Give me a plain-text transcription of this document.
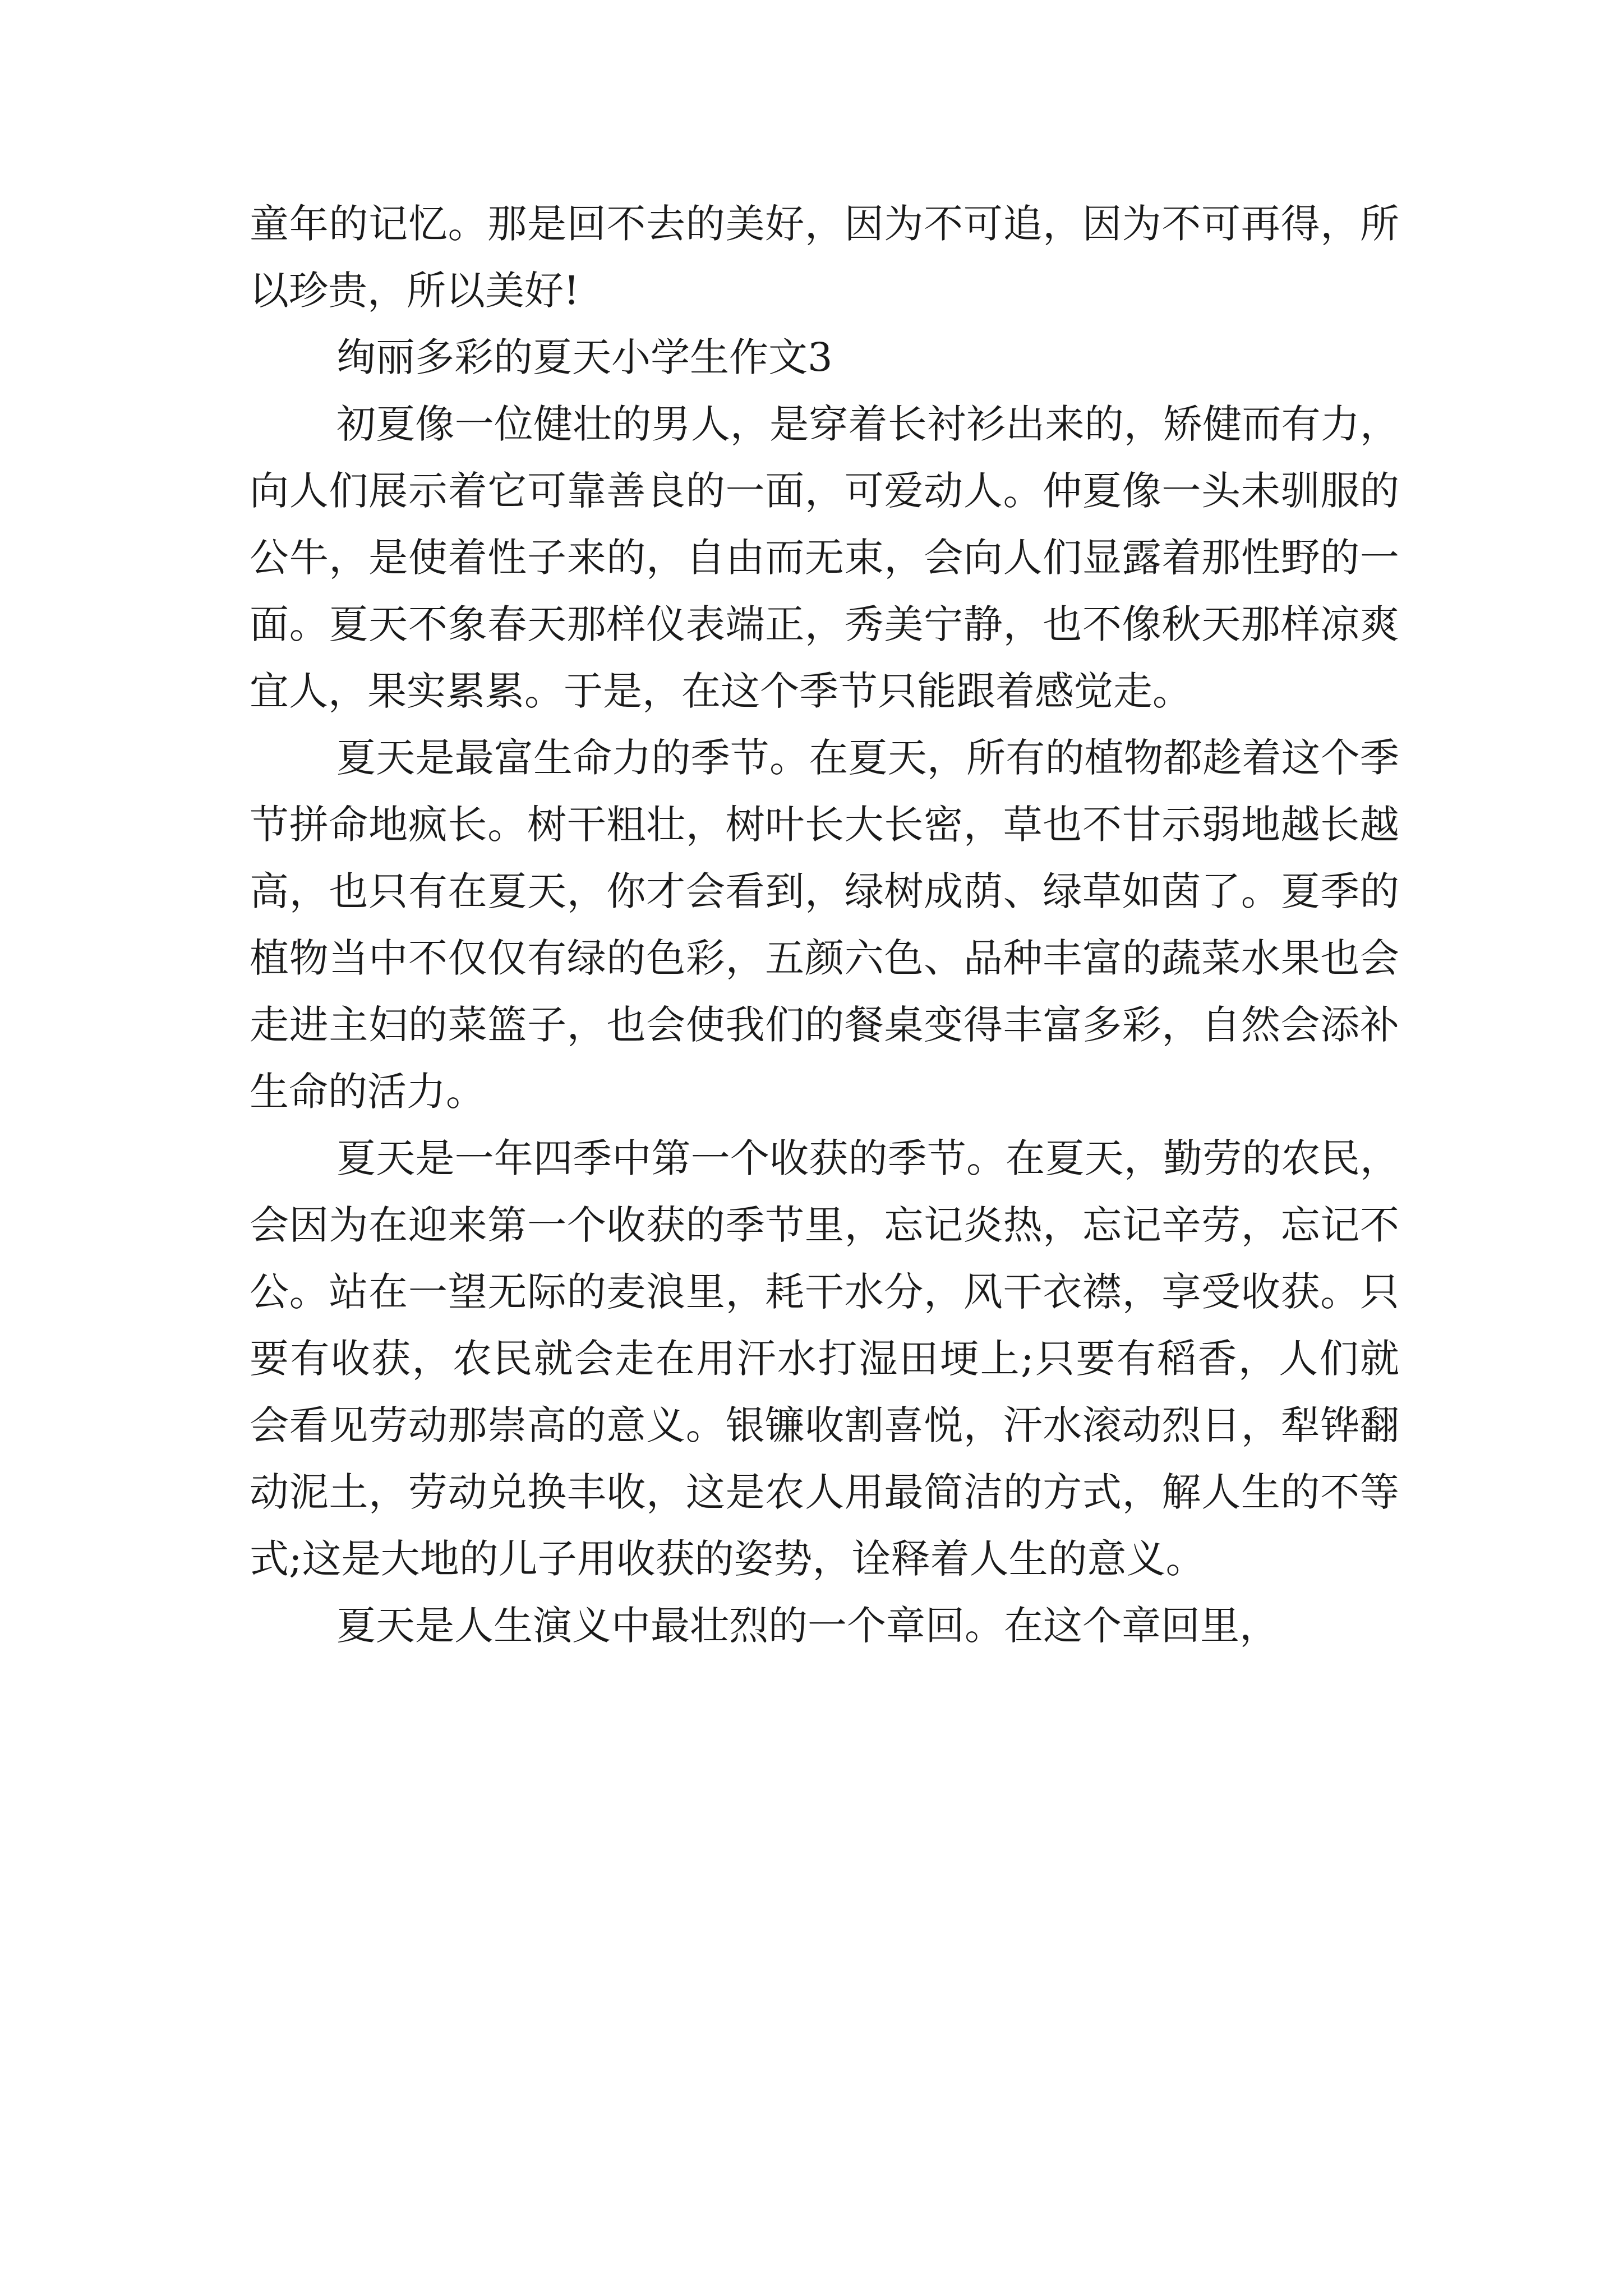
童年的记忆。那是回不去的美好，因为不可追，因为不可再得，所以珍贵，所以美好!

绚丽多彩的夏天小学生作文3

初夏像一位健壮的男人，是穿着长衬衫出来的，矫健而有力，向人们展示着它可靠善良的一面，可爱动人。仲夏像一头未驯服的公牛，是使着性子来的，自由而无束，会向人们显露着那性野的一面。夏天不象春天那样仪表端正，秀美宁静，也不像秋天那样凉爽宜人，果实累累。于是，在这个季节只能跟着感觉走。

夏天是最富生命力的季节。在夏天，所有的植物都趁着这个季节拼命地疯长。树干粗壮，树叶长大长密，草也不甘示弱地越长越高，也只有在夏天，你才会看到，绿树成荫、绿草如茵了。夏季的植物当中不仅仅有绿的色彩，五颜六色、品种丰富的蔬菜水果也会走进主妇的菜篮子，也会使我们的餐桌变得丰富多彩，自然会添补生命的活力。

夏天是一年四季中第一个收获的季节。在夏天，勤劳的农民，会因为在迎来第一个收获的季节里，忘记炎热，忘记辛劳，忘记不公。站在一望无际的麦浪里，耗干水分，风干衣襟，享受收获。只要有收获，农民就会走在用汗水打湿田埂上;只要有稻香，人们就会看见劳动那崇高的意义。银镰收割喜悦，汗水滚动烈日，犁铧翻动泥土，劳动兑换丰收，这是农人用最简洁的方式，解人生的不等式;这是大地的儿子用收获的姿势，诠释着人生的意义。

夏天是人生演义中最壮烈的一个章回。在这个章回里，
